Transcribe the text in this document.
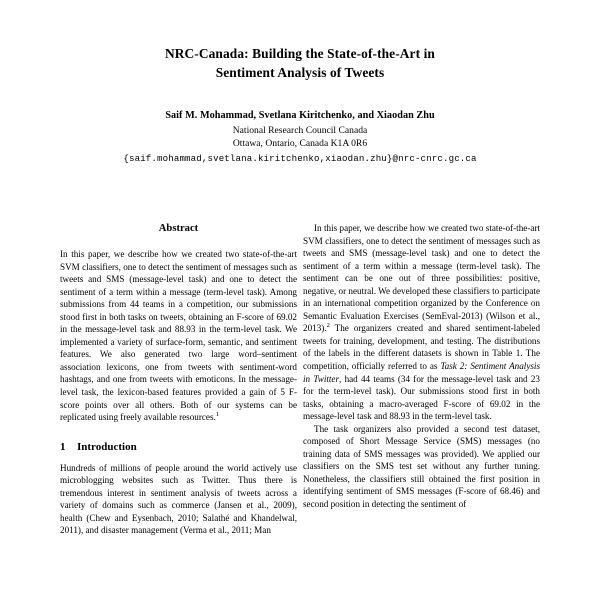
NRC-Canada: Building the State-of-the-Art in
Sentiment Analysis of Tweets
Saif M. Mohammad, Svetlana Kiritchenko, and Xiaodan Zhu
National Research Council Canada
Ottawa, Ontario, Canada K1A 0R6
{saif.mohammad,svetlana.kiritchenko,xiaodan.zhu}@nrc-cnrc.gc.ca
Abstract

In this paper, we describe how we created two state-of-the-art SVM classifiers, one to detect the sentiment of messages such as tweets and SMS (message-level task) and one to detect the sentiment of a term within a message (term-level task). Among submissions from 44 teams in a competition, our submissions stood first in both tasks on tweets, obtaining an F-score of 69.02 in the message-level task and 88.93 in the term-level task. We implemented a variety of surface-form, semantic, and sentiment features. We also generated two large word–sentiment association lexicons, one from tweets with sentiment-word hashtags, and one from tweets with emoticons. In the message-level task, the lexicon-based features provided a gain of 5 F-score points over all others. Both of our systems can be replicated using freely available resources.$^1$

1 Introduction

Hundreds of millions of people around the world actively use microblogging websites such as Twitter. Thus there is tremendous interest in sentiment analysis of tweets across a variety of domains such as commerce (Jansen et al., 2009), health (Chew and Eysenbach, 2010; Salathé and Khandelwal, 2011), and disaster management (Verma et al., 2011; Man

In this paper, we describe how we created two state-of-the-art SVM classifiers, one to detect the sentiment of messages such as tweets and SMS (message-level task) and one to detect the sentiment of a term within a message (term-level task). The sentiment can be one out of three possibilities: positive, negative, or neutral. We developed these classifiers to participate in an international competition organized by the Conference on Semantic Evaluation Exercises (SemEval-2013) (Wilson et al., 2013).$^2$ The organizers created and shared sentiment-labeled tweets for training, development, and testing. The distributions of the labels in the different datasets is shown in Table 1. The competition, officially referred to as Task 2: Sentiment Analysis in Twitter, had 44 teams (34 for the message-level task and 23 for the term-level task). Our submissions stood first in both tasks, obtaining a macro-averaged F-score of 69.02 in the message-level task and 88.93 in the term-level task.

The task organizers also provided a second test dataset, composed of Short Message Service (SMS) messages (no training data of SMS messages was provided). We applied our classifiers on the SMS test set without any further tuning. Nonetheless, the classifiers still obtained the first position in identifying sentiment of SMS messages (F-score of 68.46) and second position in detecting the sentiment of
